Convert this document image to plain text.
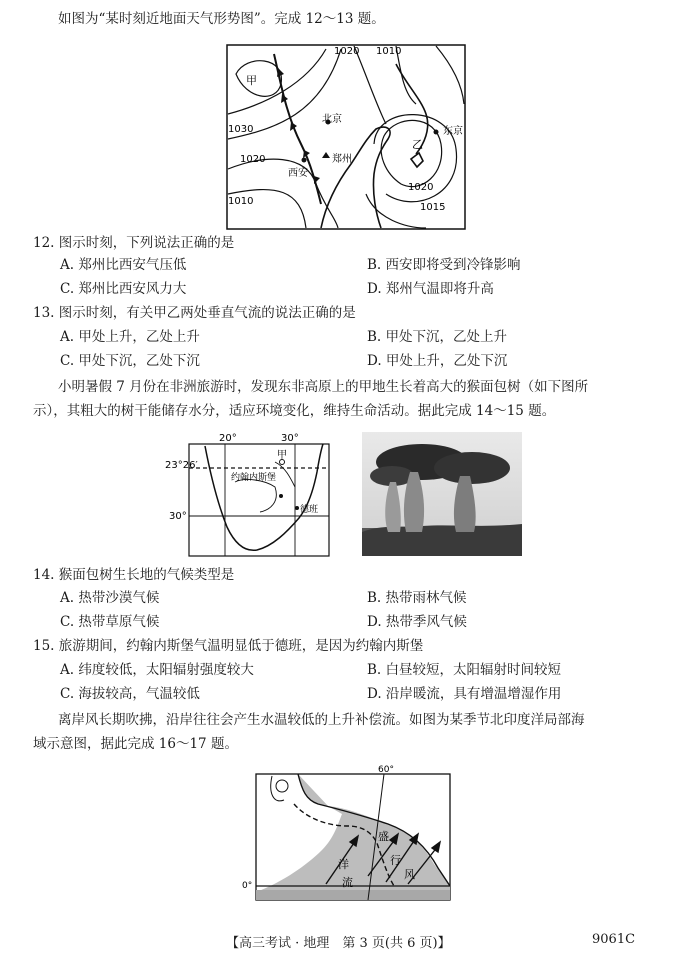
如图为“某时刻近地面天气形势图”。完成 12～13 题。
1020 1010
1030
1020
1010
1020
1015
甲
北京
郑州
西安
东京
乙
12. 图示时刻，下列说法正确的是
A. 郑州比西安气压低	B. 西安即将受到冷锋影响
C. 郑州比西安风力大	D. 郑州气温即将升高
13. 图示时刻，有关甲乙两处垂直气流的说法正确的是
A. 甲处上升，乙处上升	B. 甲处下沉，乙处上升
C. 甲处下沉，乙处下沉	D. 甲处上升，乙处下沉
小明暑假 7 月份在非洲旅游时，发现东非高原上的甲地生长着高大的猴面包树（如下图所
示），其粗大的树干能储存水分，适应环境变化，维持生命活动。据此完成 14～15 题。
20°	30°
23°26′
30°
甲
约翰内斯堡
德班
14. 猴面包树生长地的气候类型是
A. 热带沙漠气候	B. 热带雨林气候
C. 热带草原气候	D. 热带季风气候
15. 旅游期间，约翰内斯堡气温明显低于德班，是因为约翰内斯堡
A. 纬度较低，太阳辐射强度较大	B. 白昼较短，太阳辐射时间较短
C. 海拔较高，气温较低	D. 沿岸暖流，具有增温增湿作用
离岸风长期吹拂，沿岸往往会产生水温较低的上升补偿流。如图为某季节北印度洋局部海
域示意图，据此完成 16～17 题。
60°
0°
盛
行
风
洋
流
【高三考试 · 地理　第 3 页(共 6 页)】	9061C
